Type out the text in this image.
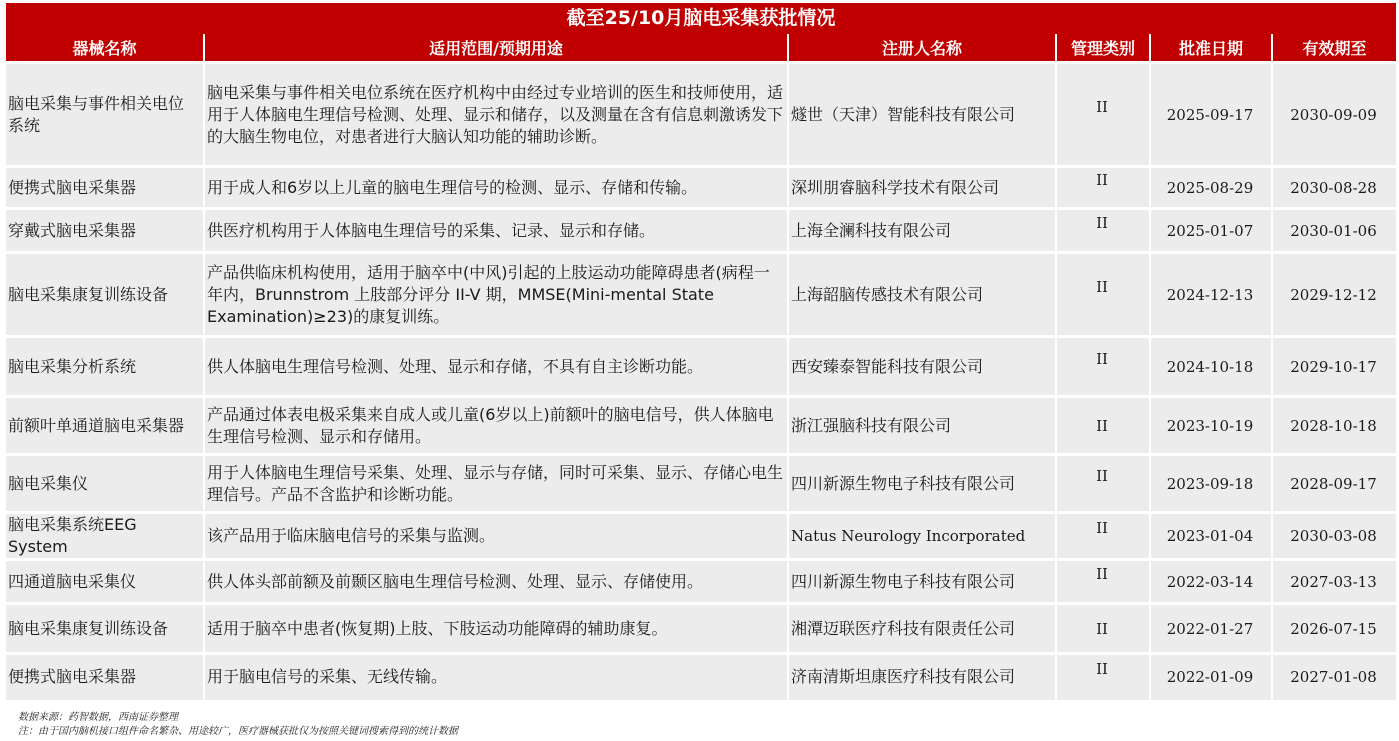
截至25/10月脑电采集获批情况
器械名称	适用范围/预期用途	注册人名称	管理类别	批准日期	有效期至
脑电采集与事件相关电位系统	脑电采集与事件相关电位系统在医疗机构中由经过专业培训的医生和技师使用，适用于人体脑电生理信号检测、处理、显示和储存，以及测量在含有信息刺激诱发下的大脑生物电位，对患者进行大脑认知功能的辅助诊断。	燧世（天津）智能科技有限公司	II	2025-09-17	2030-09-09
便携式脑电采集器	用于成人和6岁以上儿童的脑电生理信号的检测、显示、存储和传输。	深圳朋睿脑科学技术有限公司	II	2025-08-29	2030-08-28
穿戴式脑电采集器	供医疗机构用于人体脑电生理信号的采集、记录、显示和存储。	上海全澜科技有限公司	II	2025-01-07	2030-01-06
脑电采集康复训练设备	产品供临床机构使用，适用于脑卒中(中风)引起的上肢运动功能障碍患者(病程一年内，Brunnstrom 上肢部分评分 II-V 期，MMSE(Mini-mental State Examination)≥23)的康复训练。	上海韶脑传感技术有限公司	II	2024-12-13	2029-12-12
脑电采集分析系统	供人体脑电生理信号检测、处理、显示和存储，不具有自主诊断功能。	西安臻泰智能科技有限公司	II	2024-10-18	2029-10-17
前额叶单通道脑电采集器	产品通过体表电极采集来自成人或儿童(6岁以上)前额叶的脑电信号，供人体脑电生理信号检测、显示和存储用。	浙江强脑科技有限公司	II	2023-10-19	2028-10-18
脑电采集仪	用于人体脑电生理信号采集、处理、显示与存储，同时可采集、显示、存储心电生理信号。产品不含监护和诊断功能。	四川新源生物电子科技有限公司	II	2023-09-18	2028-09-17
脑电采集系统EEG System	该产品用于临床脑电信号的采集与监测。	Natus Neurology Incorporated	II	2023-01-04	2030-03-08
四通道脑电采集仪	供人体头部前额及前颞区脑电生理信号检测、处理、显示、存储使用。	四川新源生物电子科技有限公司	II	2022-03-14	2027-03-13
脑电采集康复训练设备	适用于脑卒中患者(恢复期)上肢、下肢运动功能障碍的辅助康复。	湘潭迈联医疗科技有限责任公司	II	2022-01-27	2026-07-15
便携式脑电采集器	用于脑电信号的采集、无线传输。	济南清斯坦康医疗科技有限公司	II	2022-01-09	2027-01-08
数据来源：药智数据，西南证券整理
注：由于国内脑机接口组件命名繁杂、用途较广，医疗器械获批仅为按照关键词搜索得到的统计数据
